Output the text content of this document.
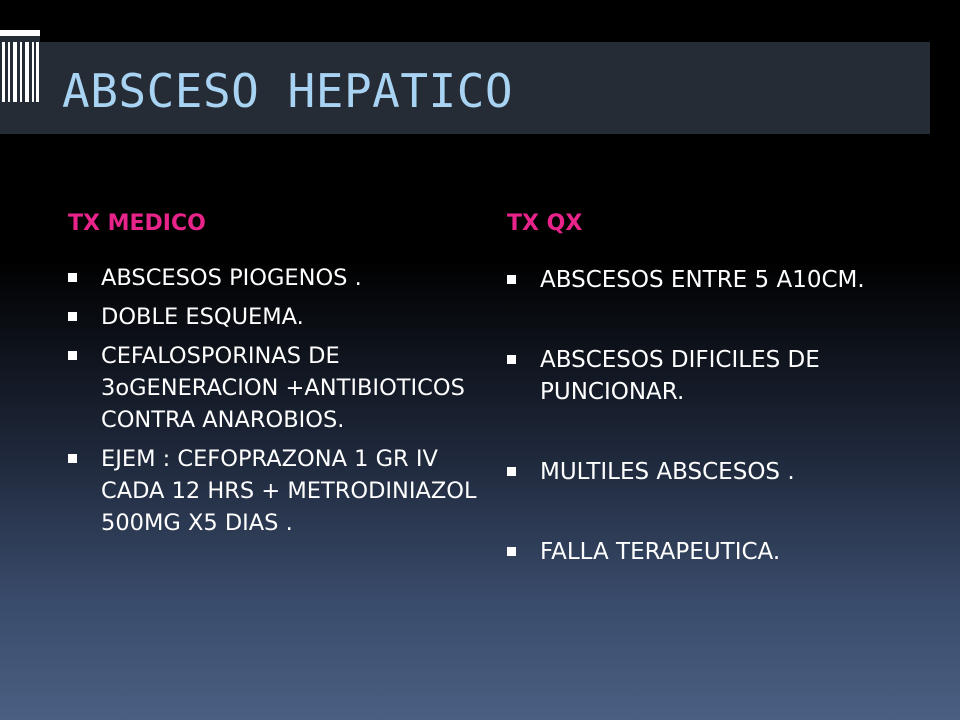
ABSCESO HEPATICO
TX MEDICO
ABSCESOS PIOGENOS .
DOBLE ESQUEMA.
CEFALOSPORINAS DE 3oGENERACION +ANTIBIOTICOS CONTRA ANAROBIOS.
EJEM : CEFOPRAZONA 1 GR IV CADA 12 HRS + METRODINIAZOL 500MG X5 DIAS .
TX QX
ABSCESOS ENTRE 5 A10CM.
ABSCESOS DIFICILES DE PUNCIONAR.
MULTILES ABSCESOS .
FALLA TERAPEUTICA.
